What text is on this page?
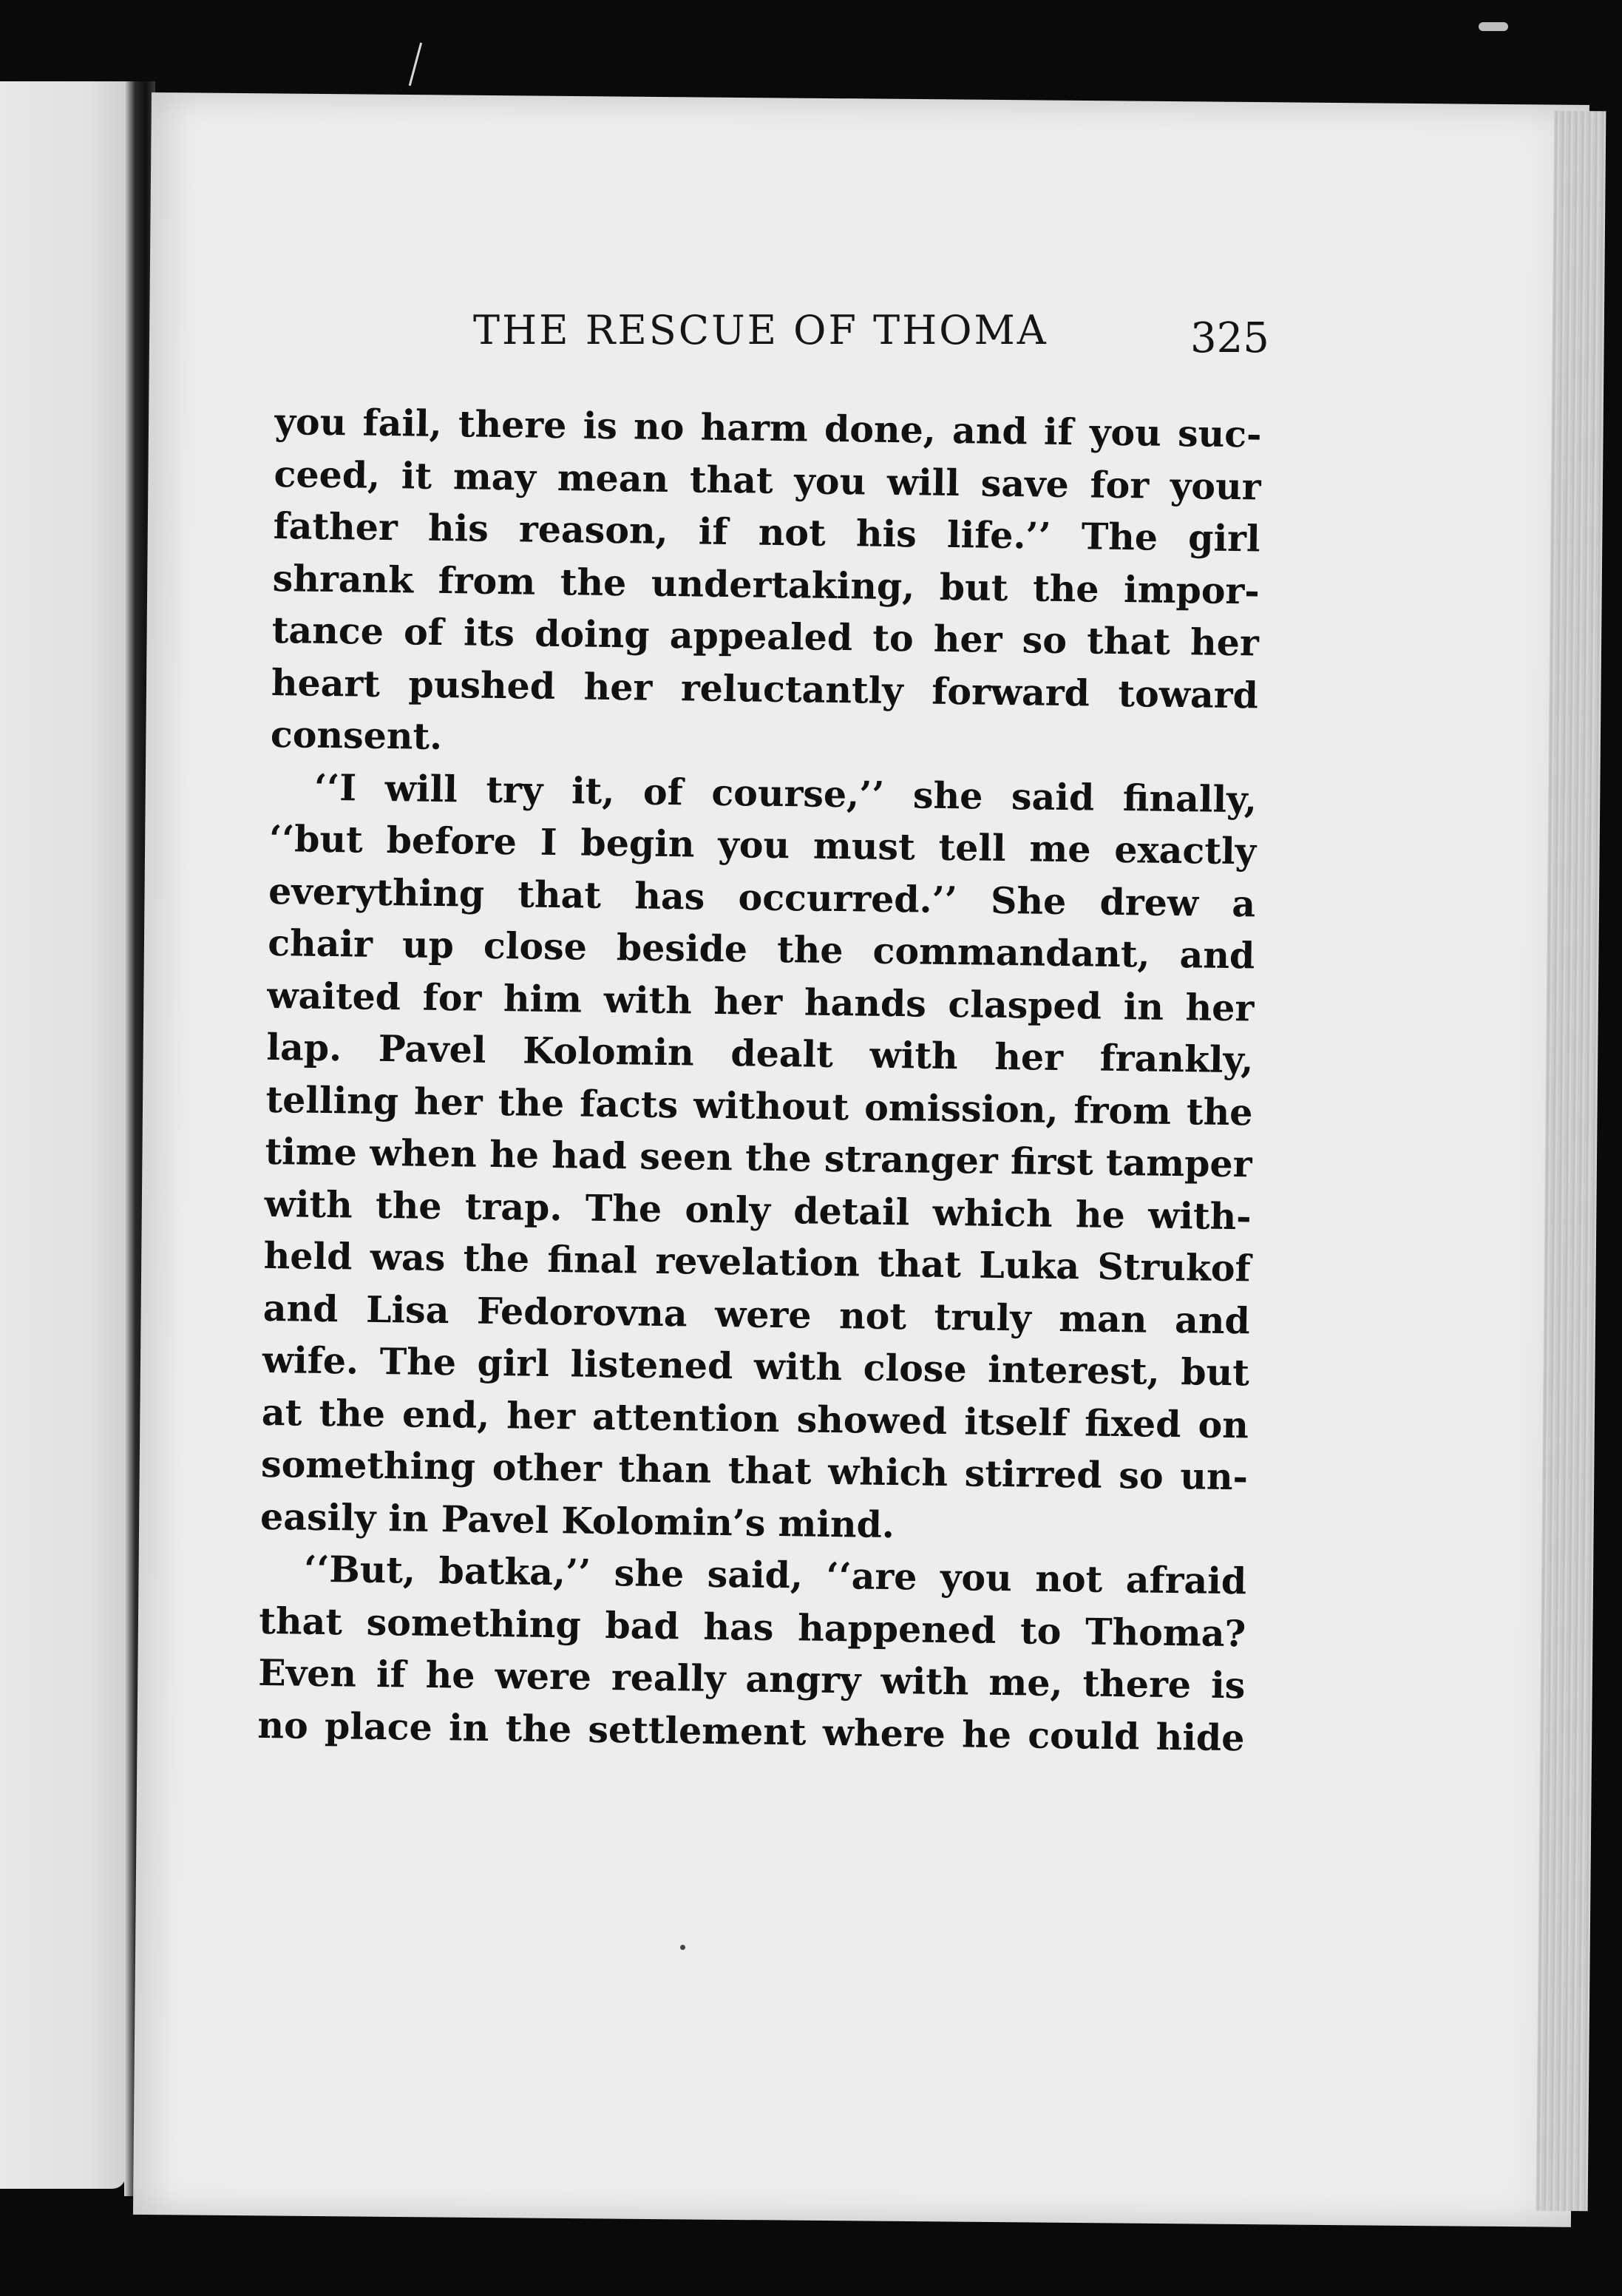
THE RESCUE OF THOMA	325
you fail, there is no harm done, and if you suc-
ceed, it may mean that you will save for your
father his reason, if not his life.’’ The girl
shrank from the undertaking, but the impor-
tance of its doing appealed to her so that her
heart pushed her reluctantly forward toward
consent.
‘‘I will try it, of course,’’ she said finally,
‘‘but before I begin you must tell me exactly
everything that has occurred.’’ She drew a
chair up close beside the commandant, and
waited for him with her hands clasped in her
lap. Pavel Kolomin dealt with her frankly,
telling her the facts without omission, from the
time when he had seen the stranger first tamper
with the trap. The only detail which he with-
held was the final revelation that Luka Strukof
and Lisa Fedorovna were not truly man and
wife. The girl listened with close interest, but
at the end, her attention showed itself fixed on
something other than that which stirred so un-
easily in Pavel Kolomin’s mind.
‘‘But, batka,’’ she said, ‘‘are you not afraid
that something bad has happened to Thoma?
Even if he were really angry with me, there is
no place in the settlement where he could hide
